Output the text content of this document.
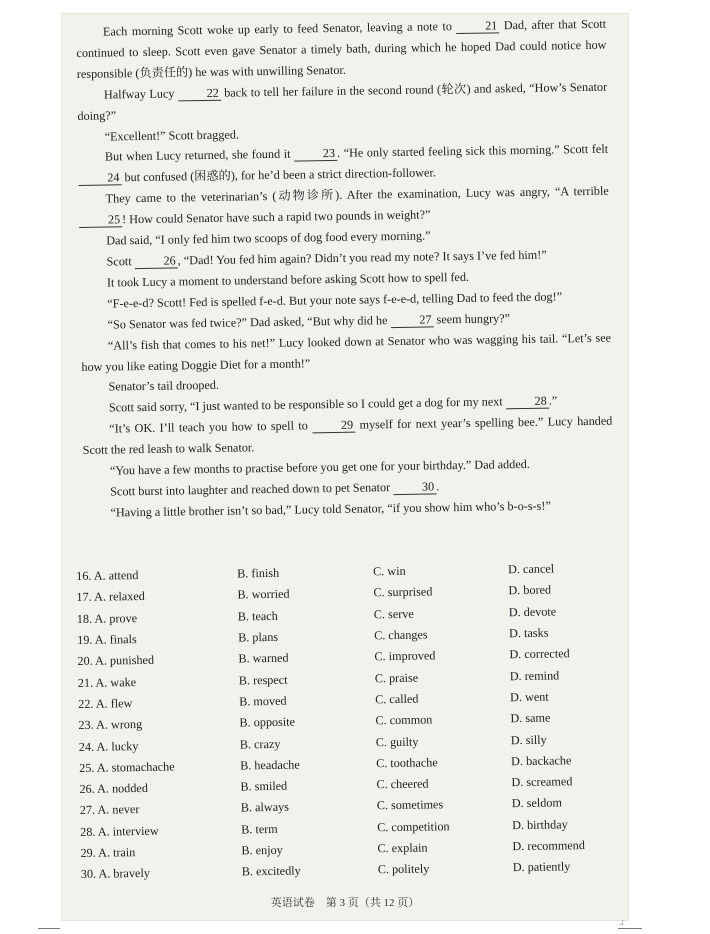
Each morning Scott woke up early to feed Senator, leaving a note to 21 Dad, after that Scott continued to sleep. Scott even gave Senator a timely bath, during which he hoped Dad could notice how responsible (负责任的) he was with unwilling Senator.

Halfway Lucy 22 back to tell her failure in the second round (轮次) and asked, “How’s Senator doing?”

“Excellent!” Scott bragged.

But when Lucy returned, she found it 23 . “He only started feeling sick this morning.” Scott felt 24 but confused (困惑的), for he’d been a strict direction-follower.

They came to the veterinarian’s (动物诊所). After the examination, Lucy was angry, “A terrible 25 ! How could Senator have such a rapid two pounds in weight?”

Dad said, “I only fed him two scoops of dog food every morning.”

Scott 26 , “Dad! You fed him again? Didn’t you read my note? It says I’ve fed him!”

It took Lucy a moment to understand before asking Scott how to spell fed.

“F-e-e-d? Scott! Fed is spelled f-e-d. But your note says f-e-e-d, telling Dad to feed the dog!”

“So Senator was fed twice?” Dad asked, “But why did he 27 seem hungry?”

“All’s fish that comes to his net!” Lucy looked down at Senator who was wagging his tail. “Let’s see how you like eating Doggie Diet for a month!”

Senator’s tail drooped.

Scott said sorry, “I just wanted to be responsible so I could get a dog for my next 28 .”

“It’s OK. I’ll teach you how to spell to 29 myself for next year’s spelling bee.” Lucy handed Scott the red leash to walk Senator.

“You have a few months to practise before you get one for your birthday.” Dad added.

Scott burst into laughter and reached down to pet Senator 30 .

“Having a little brother isn’t so bad,” Lucy told Senator, “if you show him who’s b-o-s-s!”

16. A. attend	B. finish	C. win	D. cancel
17. A. relaxed	B. worried	C. surprised	D. bored
18. A. prove	B. teach	C. serve	D. devote
19. A. finals	B. plans	C. changes	D. tasks
20. A. punished	B. warned	C. improved	D. corrected
21. A. wake	B. respect	C. praise	D. remind
22. A. flew	B. moved	C. called	D. went
23. A. wrong	B. opposite	C. common	D. same
24. A. lucky	B. crazy	C. guilty	D. silly
25. A. stomachache	B. headache	C. toothache	D. backache
26. A. nodded	B. smiled	C. cheered	D. screamed
27. A. never	B. always	C. sometimes	D. seldom
28. A. interview	B. term	C. competition	D. birthday
29. A. train	B. enjoy	C. explain	D. recommend
30. A. bravely	B. excitedly	C. politely	D. patiently
英语试卷　第 3 页（共 12 页）
┘
